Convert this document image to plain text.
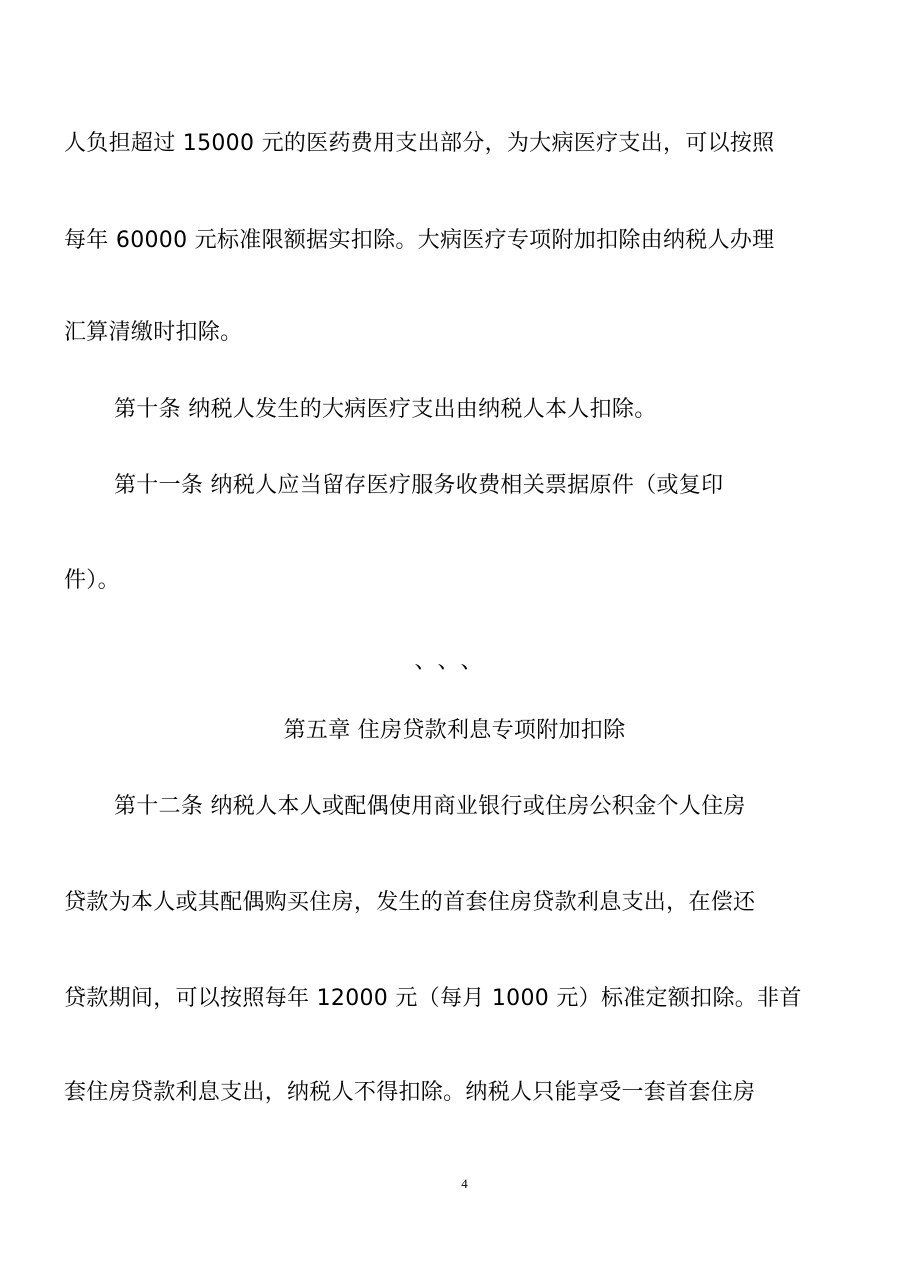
人负担超过 15000 元的医药费用支出部分，为大病医疗支出，可以按照
每年 60000 元标准限额据实扣除。大病医疗专项附加扣除由纳税人办理
汇算清缴时扣除。
第十条 纳税人发生的大病医疗支出由纳税人本人扣除。
第十一条 纳税人应当留存医疗服务收费相关票据原件（或复印
件）。
、、、
第五章 住房贷款利息专项附加扣除
第十二条 纳税人本人或配偶使用商业银行或住房公积金个人住房
贷款为本人或其配偶购买住房，发生的首套住房贷款利息支出，在偿还
贷款期间，可以按照每年 12000 元（每月 1000 元）标准定额扣除。非首
套住房贷款利息支出，纳税人不得扣除。纳税人只能享受一套首套住房
4
